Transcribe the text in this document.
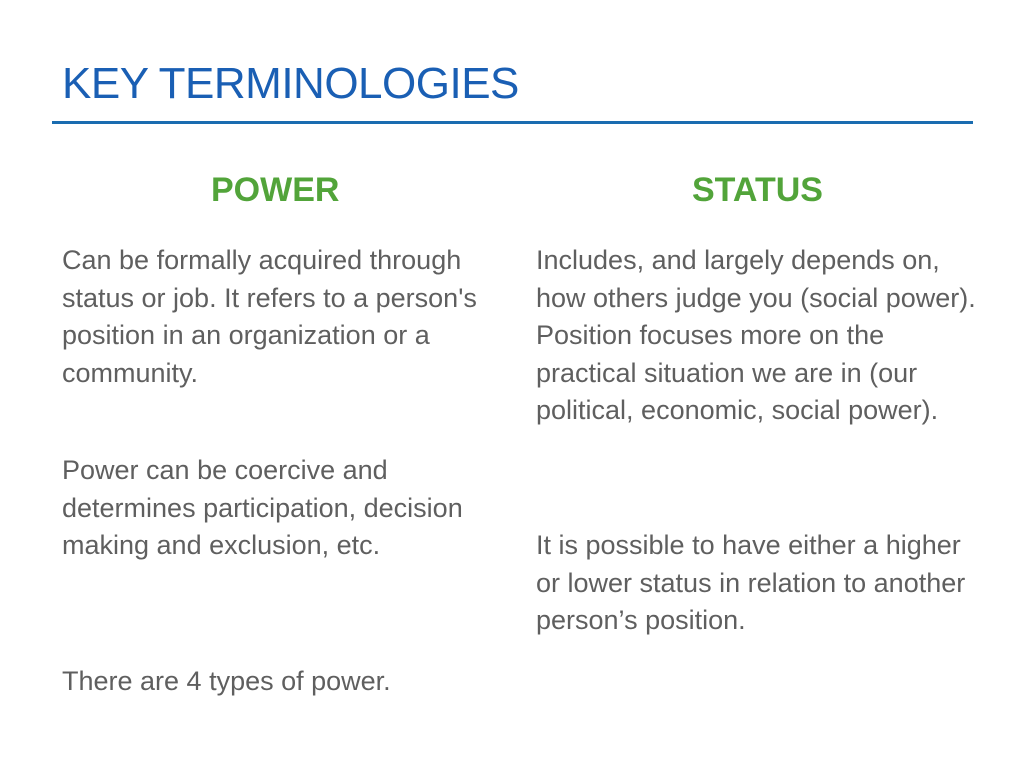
KEY TERMINOLOGIES
POWER	STATUS

Can be formally acquired through status or job. It refers to a person's position in an organization or a community.

Power can be coercive and determines participation, decision making and exclusion, etc.

There are 4 types of power.

Includes, and largely depends on, how others judge you (social power). Position focuses more on the practical situation we are in (our political, economic, social power).

It is possible to have either a higher or lower status in relation to another person’s position.
